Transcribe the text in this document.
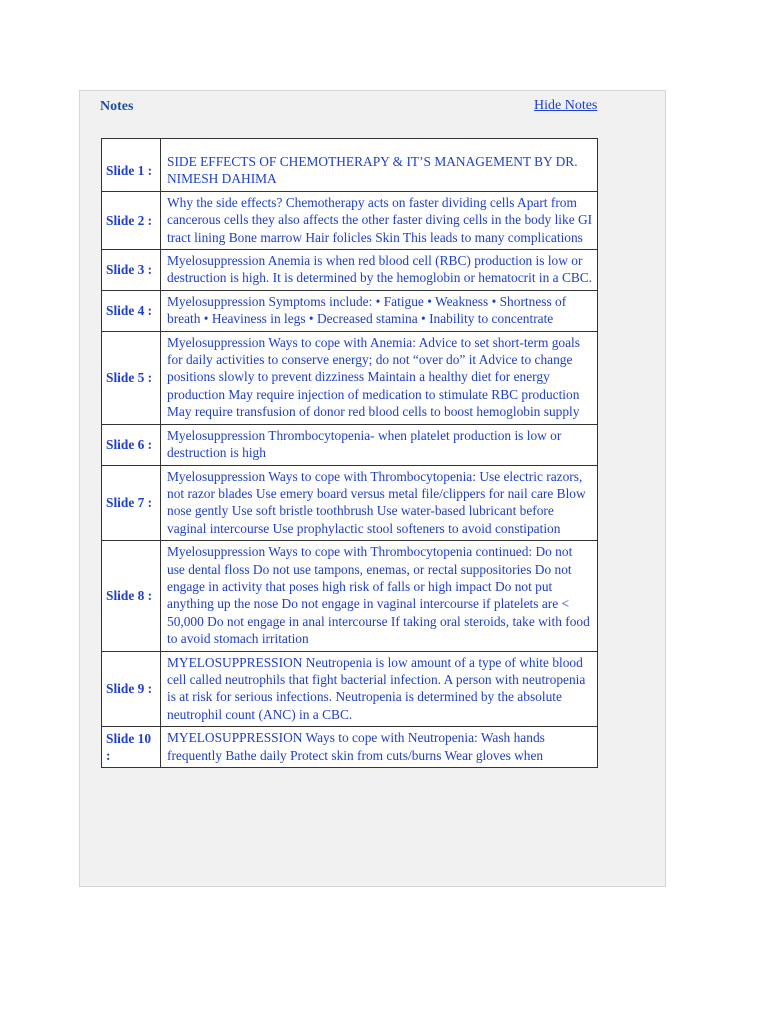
Notes	Hide Notes

Slide 1 :	SIDE EFFECTS OF CHEMOTHERAPY & IT’S MANAGEMENT BY DR. NIMESH DAHIMA
Slide 2 :	Why the side effects? Chemotherapy acts on faster dividing cells Apart from cancerous cells they also affects the other faster diving cells in the body like GI tract lining Bone marrow Hair folicles Skin This leads to many complications
Slide 3 :	Myelosuppression Anemia is when red blood cell (RBC) production is low or destruction is high. It is determined by the hemoglobin or hematocrit in a CBC.
Slide 4 :	Myelosuppression Symptoms include: • Fatigue • Weakness • Shortness of breath • Heaviness in legs • Decreased stamina • Inability to concentrate
Slide 5 :	Myelosuppression Ways to cope with Anemia: Advice to set short-term goals for daily activities to conserve energy; do not “over do” it Advice to change positions slowly to prevent dizziness Maintain a healthy diet for energy production May require injection of medication to stimulate RBC production May require transfusion of donor red blood cells to boost hemoglobin supply
Slide 6 :	Myelosuppression Thrombocytopenia- when platelet production is low or destruction is high
Slide 7 :	Myelosuppression Ways to cope with Thrombocytopenia: Use electric razors, not razor blades Use emery board versus metal file/clippers for nail care Blow nose gently Use soft bristle toothbrush Use water-based lubricant before vaginal intercourse Use prophylactic stool softeners to avoid constipation
Slide 8 :	Myelosuppression Ways to cope with Thrombocytopenia continued: Do not use dental floss Do not use tampons, enemas, or rectal suppositories Do not engage in activity that poses high risk of falls or high impact Do not put anything up the nose Do not engage in vaginal intercourse if platelets are < 50,000 Do not engage in anal intercourse If taking oral steroids, take with food to avoid stomach irritation
Slide 9 :	MYELOSUPPRESSION Neutropenia is low amount of a type of white blood cell called neutrophils that fight bacterial infection. A person with neutropenia is at risk for serious infections. Neutropenia is determined by the absolute neutrophil count (ANC) in a CBC.
Slide 10 :	MYELOSUPPRESSION Ways to cope with Neutropenia: Wash hands frequently Bathe daily Protect skin from cuts/burns Wear gloves when
